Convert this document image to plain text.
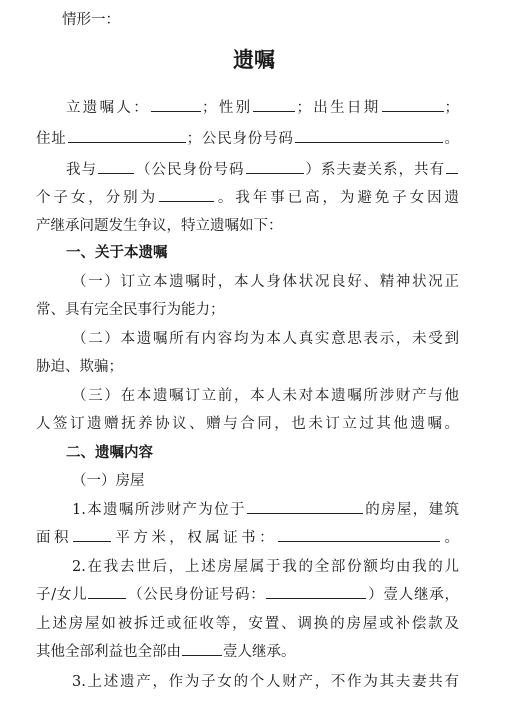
情形一：
遗嘱
立遗嘱人：	；性别	；出生日期	；
住址	；公民身份号码	。
我与	（公民身份号码	）系夫妻关系，共有
个子女，分别为	。我年事已高，为避免子女因遗
产继承问题发生争议，特立遗嘱如下：
一、关于本遗嘱
（一）订立本遗嘱时，本人身体状况良好、精神状况正
常、具有完全民事行为能力；
（二）本遗嘱所有内容均为本人真实意思表示，未受到
胁迫、欺骗；
（三）在本遗嘱订立前，本人未对本遗嘱所涉财产与他
人签订遗赠抚养协议、赠与合同，也未订立过其他遗嘱。
二、遗嘱内容
（一）房屋
1.本遗嘱所涉财产为位于	的房屋，建筑
面积	平方米，权属证书：	。
2.在我去世后，上述房屋属于我的全部份额均由我的儿
子/女儿	（公民身份证号码：	）壹人继承，
上述房屋如被拆迁或征收等，安置、调换的房屋或补偿款及
其他全部利益也全部由	壹人继承。
3.上述遗产，作为子女的个人财产，不作为其夫妻共有
